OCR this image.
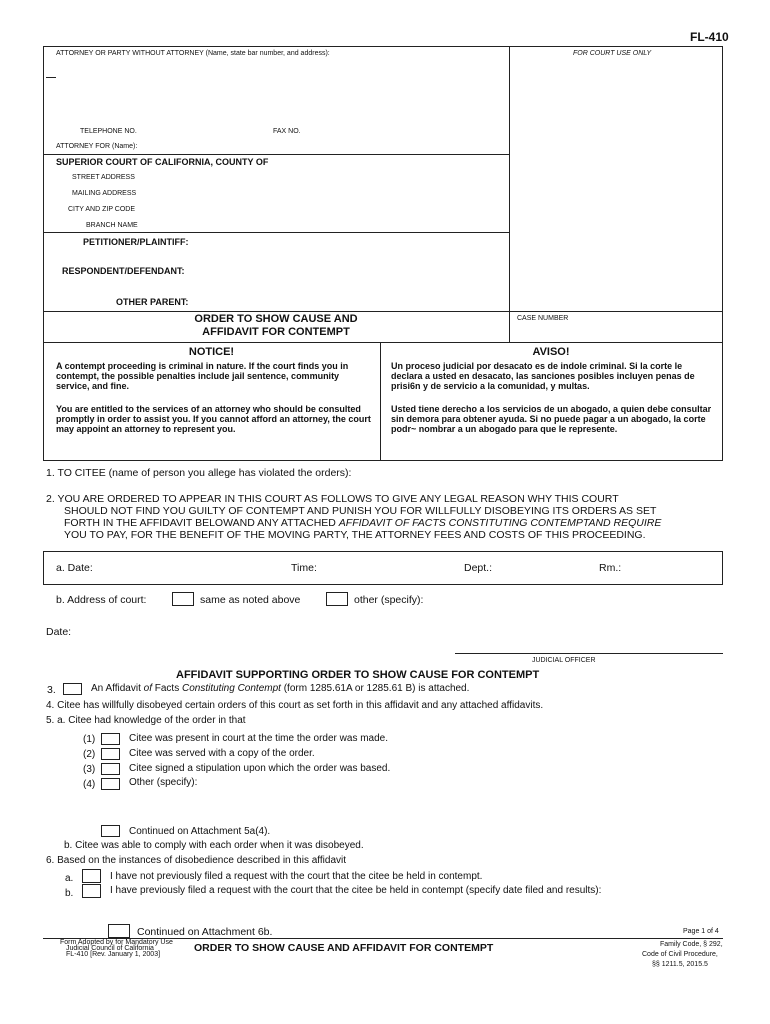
FL-410
ATTORNEY OR PARTY WITHOUT ATTORNEY (Name, state bar number, and address):	FOR COURT USE ONLY
TELEPHONE NO.	FAX NO.
ATTORNEY FOR (Name):
SUPERIOR COURT OF CALIFORNIA, COUNTY OF
STREET ADDRESS
MAILING ADDRESS
CITY AND ZIP CODE
BRANCH NAME
PETITIONER/PLAINTIFF:
RESPONDENT/DEFENDANT:
OTHER PARENT:
ORDER TO SHOW CAUSE AND
AFFIDAVIT FOR CONTEMPT
CASE NUMBER
NOTICE!
A contempt proceeding is criminal in nature. If the court finds you in contempt, the possible penalties include jail sentence, community service, and fine.
You are entitled to the services of an attorney who should be consulted promptly in order to assist you. If you cannot afford an attorney, the court may appoint an attorney to represent you.
AVISO!
Un proceso judicial por desacato es de indole criminal. Si la corte le declara a usted en desacato, las sanciones posibles incluyen penas de prisi6n y de servicio a la comunidad, y multas.
Usted tiene derecho a los servicios de un abogado, a quien debe consultar sin demora para obtener ayuda. Si no puede pagar a un abogado, la corte podr~ nombrar a un abogado para que le represente.
1. TO CITEE (name of person you allege has violated the orders):
2. YOU ARE ORDERED TO APPEAR IN THIS COURT AS FOLLOWS TO GIVE ANY LEGAL REASON WHY THIS COURT
SHOULD NOT FIND YOU GUILTY OF CONTEMPT AND PUNISH YOU FOR WILLFULLY DISOBEYING ITS ORDERS AS SET
FORTH IN THE AFFIDAVIT BELOWAND ANY ATTACHED AFFIDAVIT OF FACTS CONSTITUTING CONTEMPTAND REQUIRE
YOU TO PAY, FOR THE BENEFIT OF THE MOVING PARTY, THE ATTORNEY FEES AND COSTS OF THIS PROCEEDING.
a. Date:	Time:	Dept.:	Rm.:
b. Address of court:	same as noted above	other (specify):
Date:
JUDICIAL OFFICER
AFFIDAVIT SUPPORTING ORDER TO SHOW CAUSE FOR CONTEMPT
3.	An Affidavit of Facts Constituting Contempt (form 1285.61A or 1285.61 B) is attached.
4. Citee has willfully disobeyed certain orders of this court as set forth in this affidavit and any attached affidavits.
5. a. Citee had knowledge of the order in that
(1)	Citee was present in court at the time the order was made.
(2)	Citee was served with a copy of the order.
(3)	Citee signed a stipulation upon which the order was based.
(4)	Other (specify):
Continued on Attachment 5a(4).
b. Citee was able to comply with each order when it was disobeyed.
6. Based on the instances of disobedience described in this affidavit
a.	I have not previously filed a request with the court that the citee be held in contempt.
b.	I have previously filed a request with the court that the citee be held in contempt (specify date filed and results):
Continued on Attachment 6b.	Page 1 of 4
Form Adopted by for Mandatory Use
Judicial Council of California
FL-410 [Rev. January 1, 2003]
ORDER TO SHOW CAUSE AND AFFIDAVIT FOR CONTEMPT	Family Code, § 292,
Code of Civil Procedure,
§§ 1211.5, 2015.5
